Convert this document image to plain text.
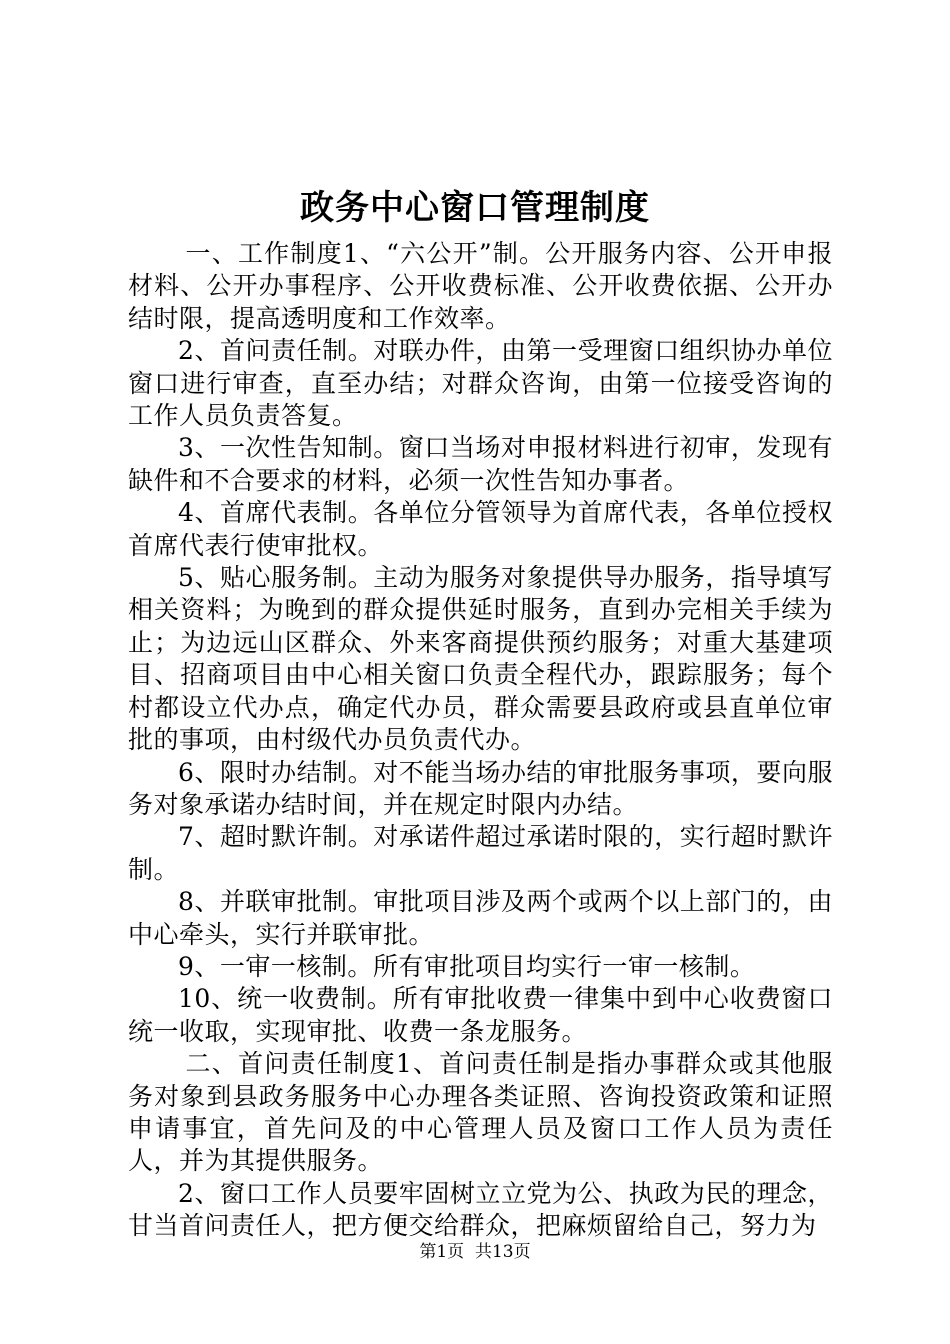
政务中心窗口管理制度

一、工作制度1、“六公开”制。公开服务内容、公开申报材料、公开办事程序、公开收费标准、公开收费依据、公开办结时限，提高透明度和工作效率。

2、首问责任制。对联办件，由第一受理窗口组织协办单位窗口进行审查，直至办结；对群众咨询，由第一位接受咨询的工作人员负责答复。

3、一次性告知制。窗口当场对申报材料进行初审，发现有缺件和不合要求的材料，必须一次性告知办事者。

4、首席代表制。各单位分管领导为首席代表，各单位授权首席代表行使审批权。

5、贴心服务制。主动为服务对象提供导办服务，指导填写相关资料；为晚到的群众提供延时服务，直到办完相关手续为止；为边远山区群众、外来客商提供预约服务；对重大基建项目、招商项目由中心相关窗口负责全程代办，跟踪服务；每个村都设立代办点，确定代办员，群众需要县政府或县直单位审批的事项，由村级代办员负责代办。

6、限时办结制。对不能当场办结的审批服务事项，要向服务对象承诺办结时间，并在规定时限内办结。

7、超时默许制。对承诺件超过承诺时限的，实行超时默许制。

8、并联审批制。审批项目涉及两个或两个以上部门的，由中心牵头，实行并联审批。

9、一审一核制。所有审批项目均实行一审一核制。

10、统一收费制。所有审批收费一律集中到中心收费窗口统一收取，实现审批、收费一条龙服务。

二、首问责任制度1、首问责任制是指办事群众或其他服务对象到县政务服务中心办理各类证照、咨询投资政策和证照申请事宜，首先问及的中心管理人员及窗口工作人员为责任人，并为其提供服务。

2、窗口工作人员要牢固树立立党为公、执政为民的理念，甘当首问责任人，把方便交给群众，把麻烦留给自己，努力为

第1页  共13页
